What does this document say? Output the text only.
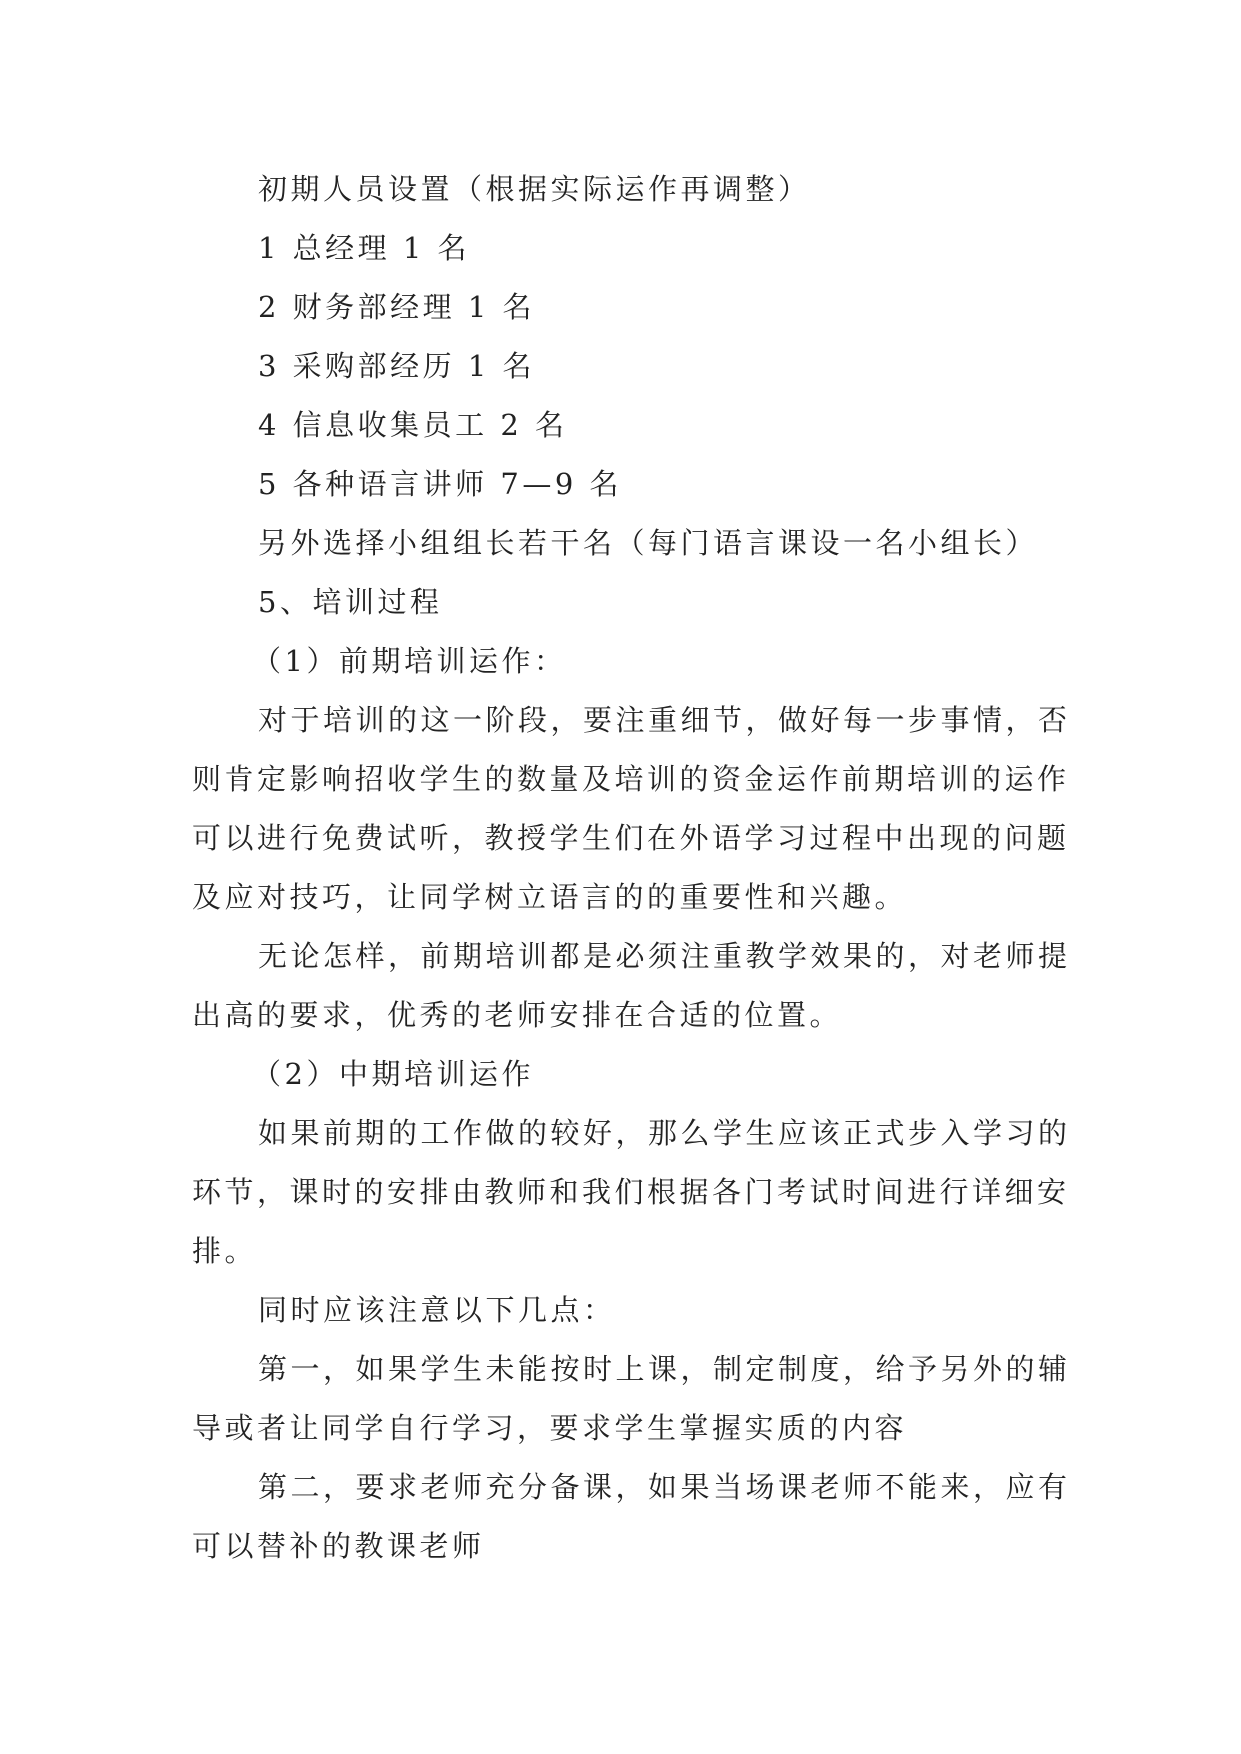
初期人员设置（根据实际运作再调整）

1 总经理 1 名

2 财务部经理 1 名

3 采购部经历 1 名

4 信息收集员工 2 名

5 各种语言讲师 7—9 名

另外选择小组组长若干名（每门语言课设一名小组长）

5、培训过程

（1）前期培训运作：

对于培训的这一阶段，要注重细节，做好每一步事情，否则肯定影响招收学生的数量及培训的资金运作前期培训的运作可以进行免费试听，教授学生们在外语学习过程中出现的问题及应对技巧，让同学树立语言的的重要性和兴趣。

无论怎样，前期培训都是必须注重教学效果的，对老师提出高的要求，优秀的老师安排在合适的位置。

（2）中期培训运作

如果前期的工作做的较好，那么学生应该正式步入学习的环节，课时的安排由教师和我们根据各门考试时间进行详细安排。

同时应该注意以下几点：

第一，如果学生未能按时上课，制定制度，给予另外的辅导或者让同学自行学习，要求学生掌握实质的内容

第二，要求老师充分备课，如果当场课老师不能来，应有可以替补的教课老师
